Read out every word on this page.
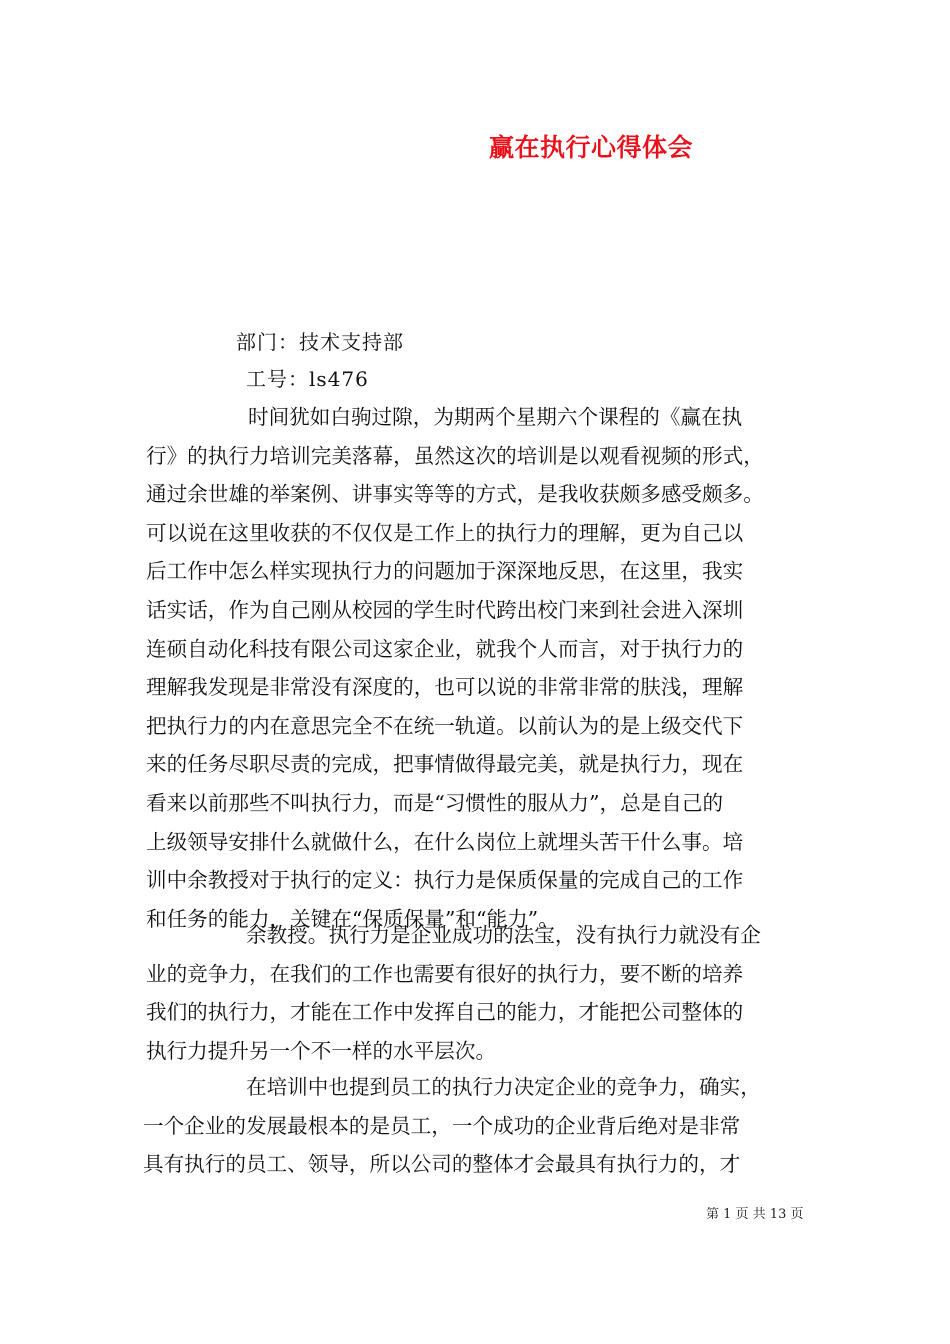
赢在执行心得体会
部门：技术支持部
工号：ls476
时间犹如白驹过隙，为期两个星期六个课程的《赢在执
行》的执行力培训完美落幕，虽然这次的培训是以观看视频的形式，
通过余世雄的举案例、讲事实等等的方式，是我收获颇多感受颇多。
可以说在这里收获的不仅仅是工作上的执行力的理解，更为自己以
后工作中怎么样实现执行力的问题加于深深地反思，在这里，我实
话实话，作为自己刚从校园的学生时代跨出校门来到社会进入深圳
连硕自动化科技有限公司这家企业，就我个人而言，对于执行力的
理解我发现是非常没有深度的，也可以说的非常非常的肤浅，理解
把执行力的内在意思完全不在统一轨道。以前认为的是上级交代下
来的任务尽职尽责的完成，把事情做得最完美，就是执行力，现在
看来以前那些不叫执行力，而是“习惯性的服从力”，总是自己的
上级领导安排什么就做什么，在什么岗位上就埋头苦干什么事。培
训中余教授对于执行的定义：执行力是保质保量的完成自己的工作
和任务的能力，关键在“保质保量”和“能力”。
余教授。执行力是企业成功的法宝，没有执行力就没有企
业的竞争力，在我们的工作也需要有很好的执行力，要不断的培养
我们的执行力，才能在工作中发挥自己的能力，才能把公司整体的
执行力提升另一个不一样的水平层次。
在培训中也提到员工的执行力决定企业的竞争力，确实，
一个企业的发展最根本的是员工，一个成功的企业背后绝对是非常
具有执行的员工、领导，所以公司的整体才会最具有执行力的，才
第 1 页 共 13 页
